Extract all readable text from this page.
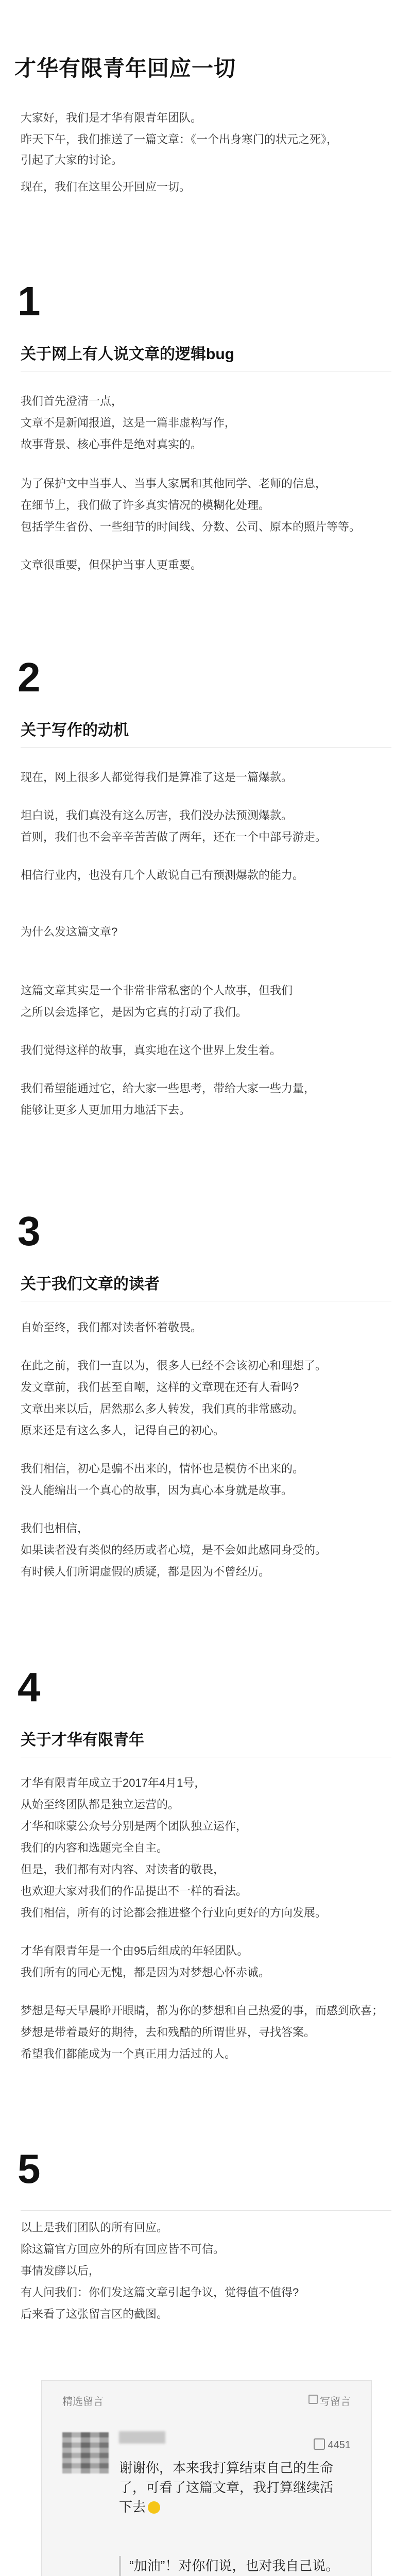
才华有限青年回应一切

大家好，我们是才华有限青年团队。

昨天下午，我们推送了一篇文章：《一个出身寒门的状元之死》，

引起了大家的讨论。

现在，我们在这里公开回应一切。

1
关于网上有人说文章的逻辑bug

我们首先澄清一点，

文章不是新闻报道，这是一篇非虚构写作，

故事背景、核心事件是绝对真实的。

为了保护文中当事人、当事人家属和其他同学、老师的信息，

在细节上，我们做了许多真实情况的模糊化处理。

包括学生省份、一些细节的时间线、分数、公司、原本的照片等等。

文章很重要，但保护当事人更重要。

2
关于写作的动机

现在，网上很多人都觉得我们是算准了这是一篇爆款。

坦白说，我们真没有这么厉害，我们没办法预测爆款。

首则，我们也不会辛辛苦苦做了两年，还在一个中部号游走。

相信行业内，也没有几个人敢说自己有预测爆款的能力。

为什么发这篇文章?

这篇文章其实是一个非常非常私密的个人故事，但我们

之所以会选择它，是因为它真的打动了我们。

我们觉得这样的故事，真实地在这个世界上发生着。

我们希望能通过它，给大家一些思考，带给大家一些力量，

能够让更多人更加用力地活下去。

3
关于我们文章的读者

自始至终，我们都对读者怀着敬畏。

在此之前，我们一直以为，很多人已经不会该初心和理想了。

发文章前，我们甚至自嘲，这样的文章现在还有人看吗?

文章出来以后，居然那么多人转发，我们真的非常感动。

原来还是有这么多人，记得自己的初心。

我们相信，初心是骗不出来的，情怀也是模仿不出来的。

没人能编出一个真心的故事，因为真心本身就是故事。

我们也相信，

如果读者没有类似的经历或者心境，是不会如此感同身受的。

有时候人们所谓虚假的质疑，都是因为不曾经历。

4
关于才华有限青年

才华有限青年成立于2017年4月1号，

从始至终团队都是独立运营的。

才华和咪蒙公众号分别是两个团队独立运作，

我们的内容和选题完全自主。

但是，我们都有对内容、对读者的敬畏，

也欢迎大家对我们的作品提出不一样的看法。

我们相信，所有的讨论都会推进整个行业向更好的方向发展。

才华有限青年是一个由95后组成的年轻团队。

我们所有的同心无愧，都是因为对梦想心怀赤诚。

梦想是每天早晨睁开眼睛，都为你的梦想和自己热爱的事，而感到欣喜；

梦想是带着最好的期待，去和残酷的所谓世界，寻找答案。

希望我们都能成为一个真正用力活过的人。

5

以上是我们团队的所有回应。

除这篇官方回应外的所有回应皆不可信。

事情发酵以后，

有人问我们：你们发这篇文章引起争议，觉得值不值得?

后来看了这张留言区的截图。

精选留言	写留言
4451
谢谢你，本来我打算结束自己的生命了，可看了这篇文章，我打算继续活下去
“加油”！对你们说，也对我自己说。
